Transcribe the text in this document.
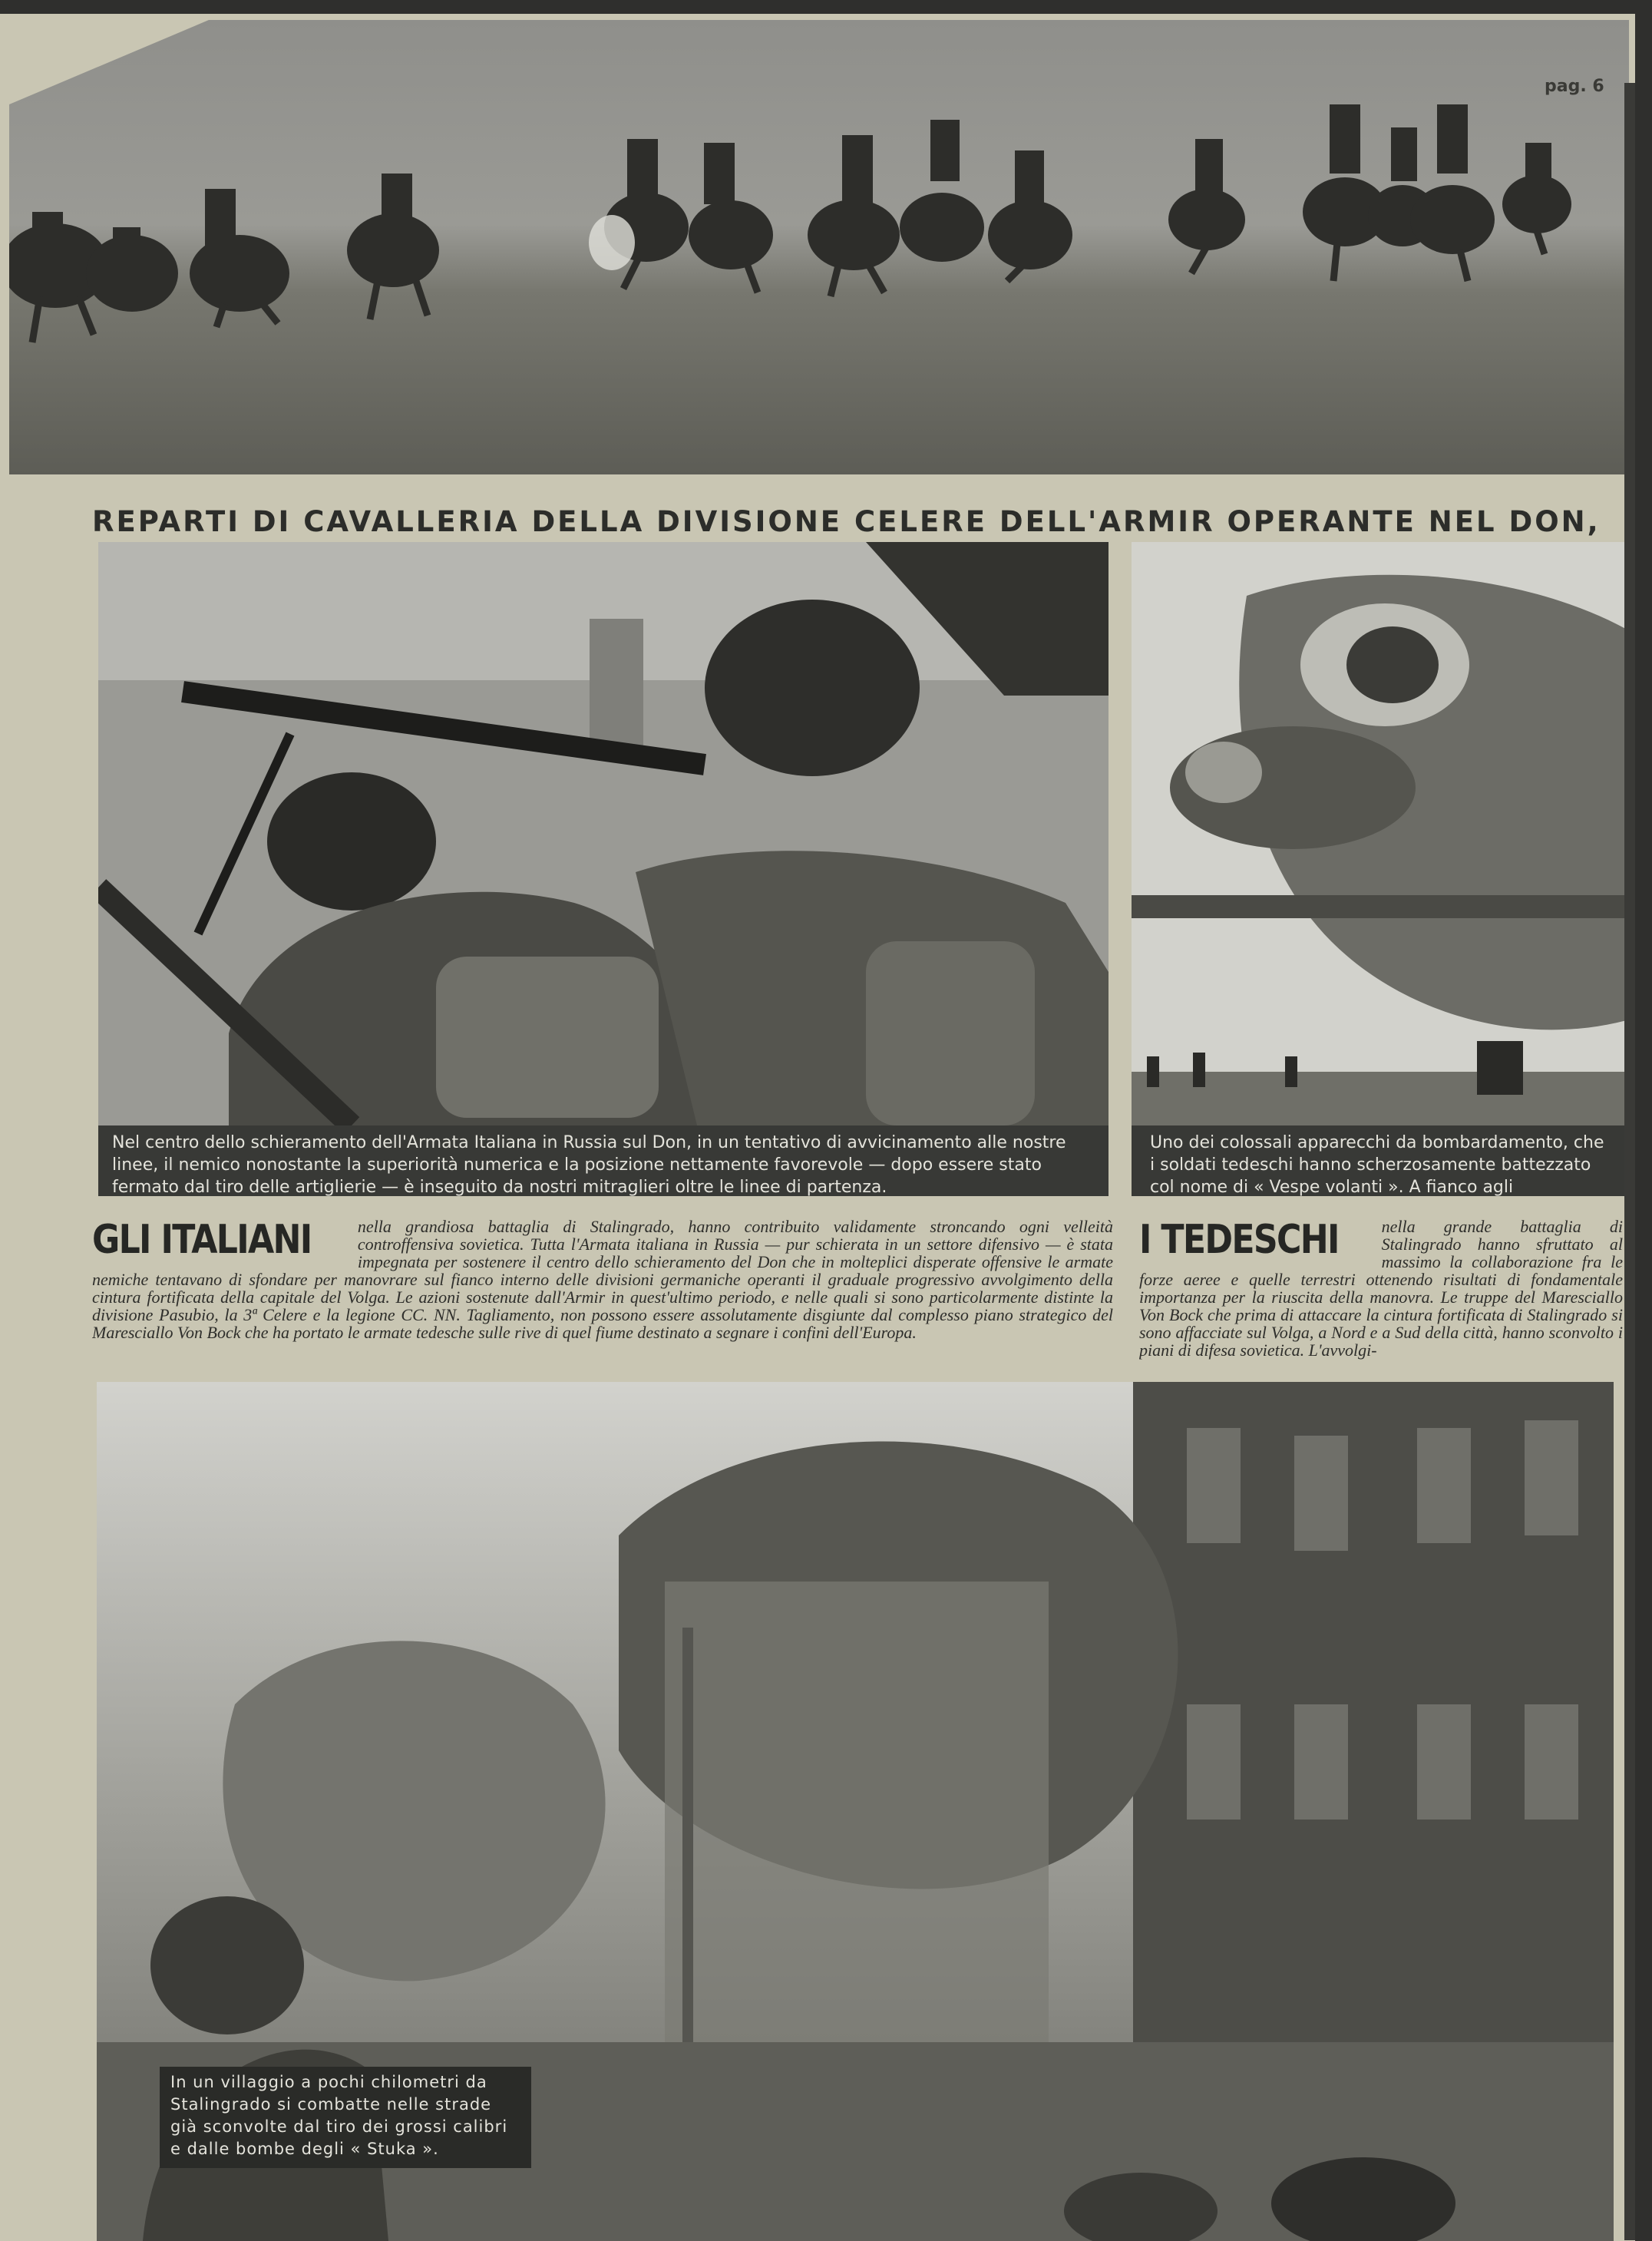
pag. 6
REPARTI DI CAVALLERIA DELLA DIVISIONE CELERE DELL'ARMIR OPERANTE NEL DON,
Nel centro dello schieramento dell'Armata Italiana in Russia sul Don, in un tentativo di avvicinamento alle nostre linee, il nemico nonostante la superiorità numerica e la posizione nettamente favorevole — dopo essere stato fermato dal tiro delle artiglierie — è inseguito da nostri mitraglieri oltre le linee di partenza.
Uno dei colossali apparecchi da bombardamento, che i soldati tedeschi hanno scherzosamente battezzato col nome di « Vespe volanti ». A fianco agli

GLI ITALIANI	nella grandiosa battaglia di Stalingrado, hanno contribuito validamente stroncando ogni velleità controffensiva sovietica. Tutta l'Armata italiana in Russia — pur schierata in un settore difensivo — è stata impegnata per sostenere il centro dello schieramento del Don che in molteplici disperate offensive le armate nemiche tentavano di sfondare per manovrare sul fianco interno delle divisioni germaniche operanti il graduale progressivo avvolgimento della cintura fortificata della capitale del Volga. Le azioni sostenute dall'Armir in quest'ultimo periodo, e nelle quali si sono particolarmente distinte la divisione Pasubio, la 3ª Celere e la legione CC. NN. Tagliamento, non possono essere assolutamente disgiunte dal complesso piano strategico del Maresciallo Von Bock che ha portato le armate tedesche sulle rive di quel fiume destinato a segnare i confini dell'Europa.

I TEDESCHI	nella grande battaglia di Stalingrado hanno sfruttato al massimo la collaborazione fra le forze aeree e quelle terrestri ottenendo risultati di fondamentale importanza per la riuscita della manovra. Le truppe del Maresciallo Von Bock che prima di attaccare la cintura fortificata di Stalingrado si sono affacciate sul Volga, a Nord e a Sud della città, hanno sconvolto i piani di difesa sovietica. L'avvolgi-

In un villaggio a pochi chilometri da Stalingrado si combatte nelle strade già sconvolte dal tiro dei grossi calibri e dalle bombe degli « Stuka ».
